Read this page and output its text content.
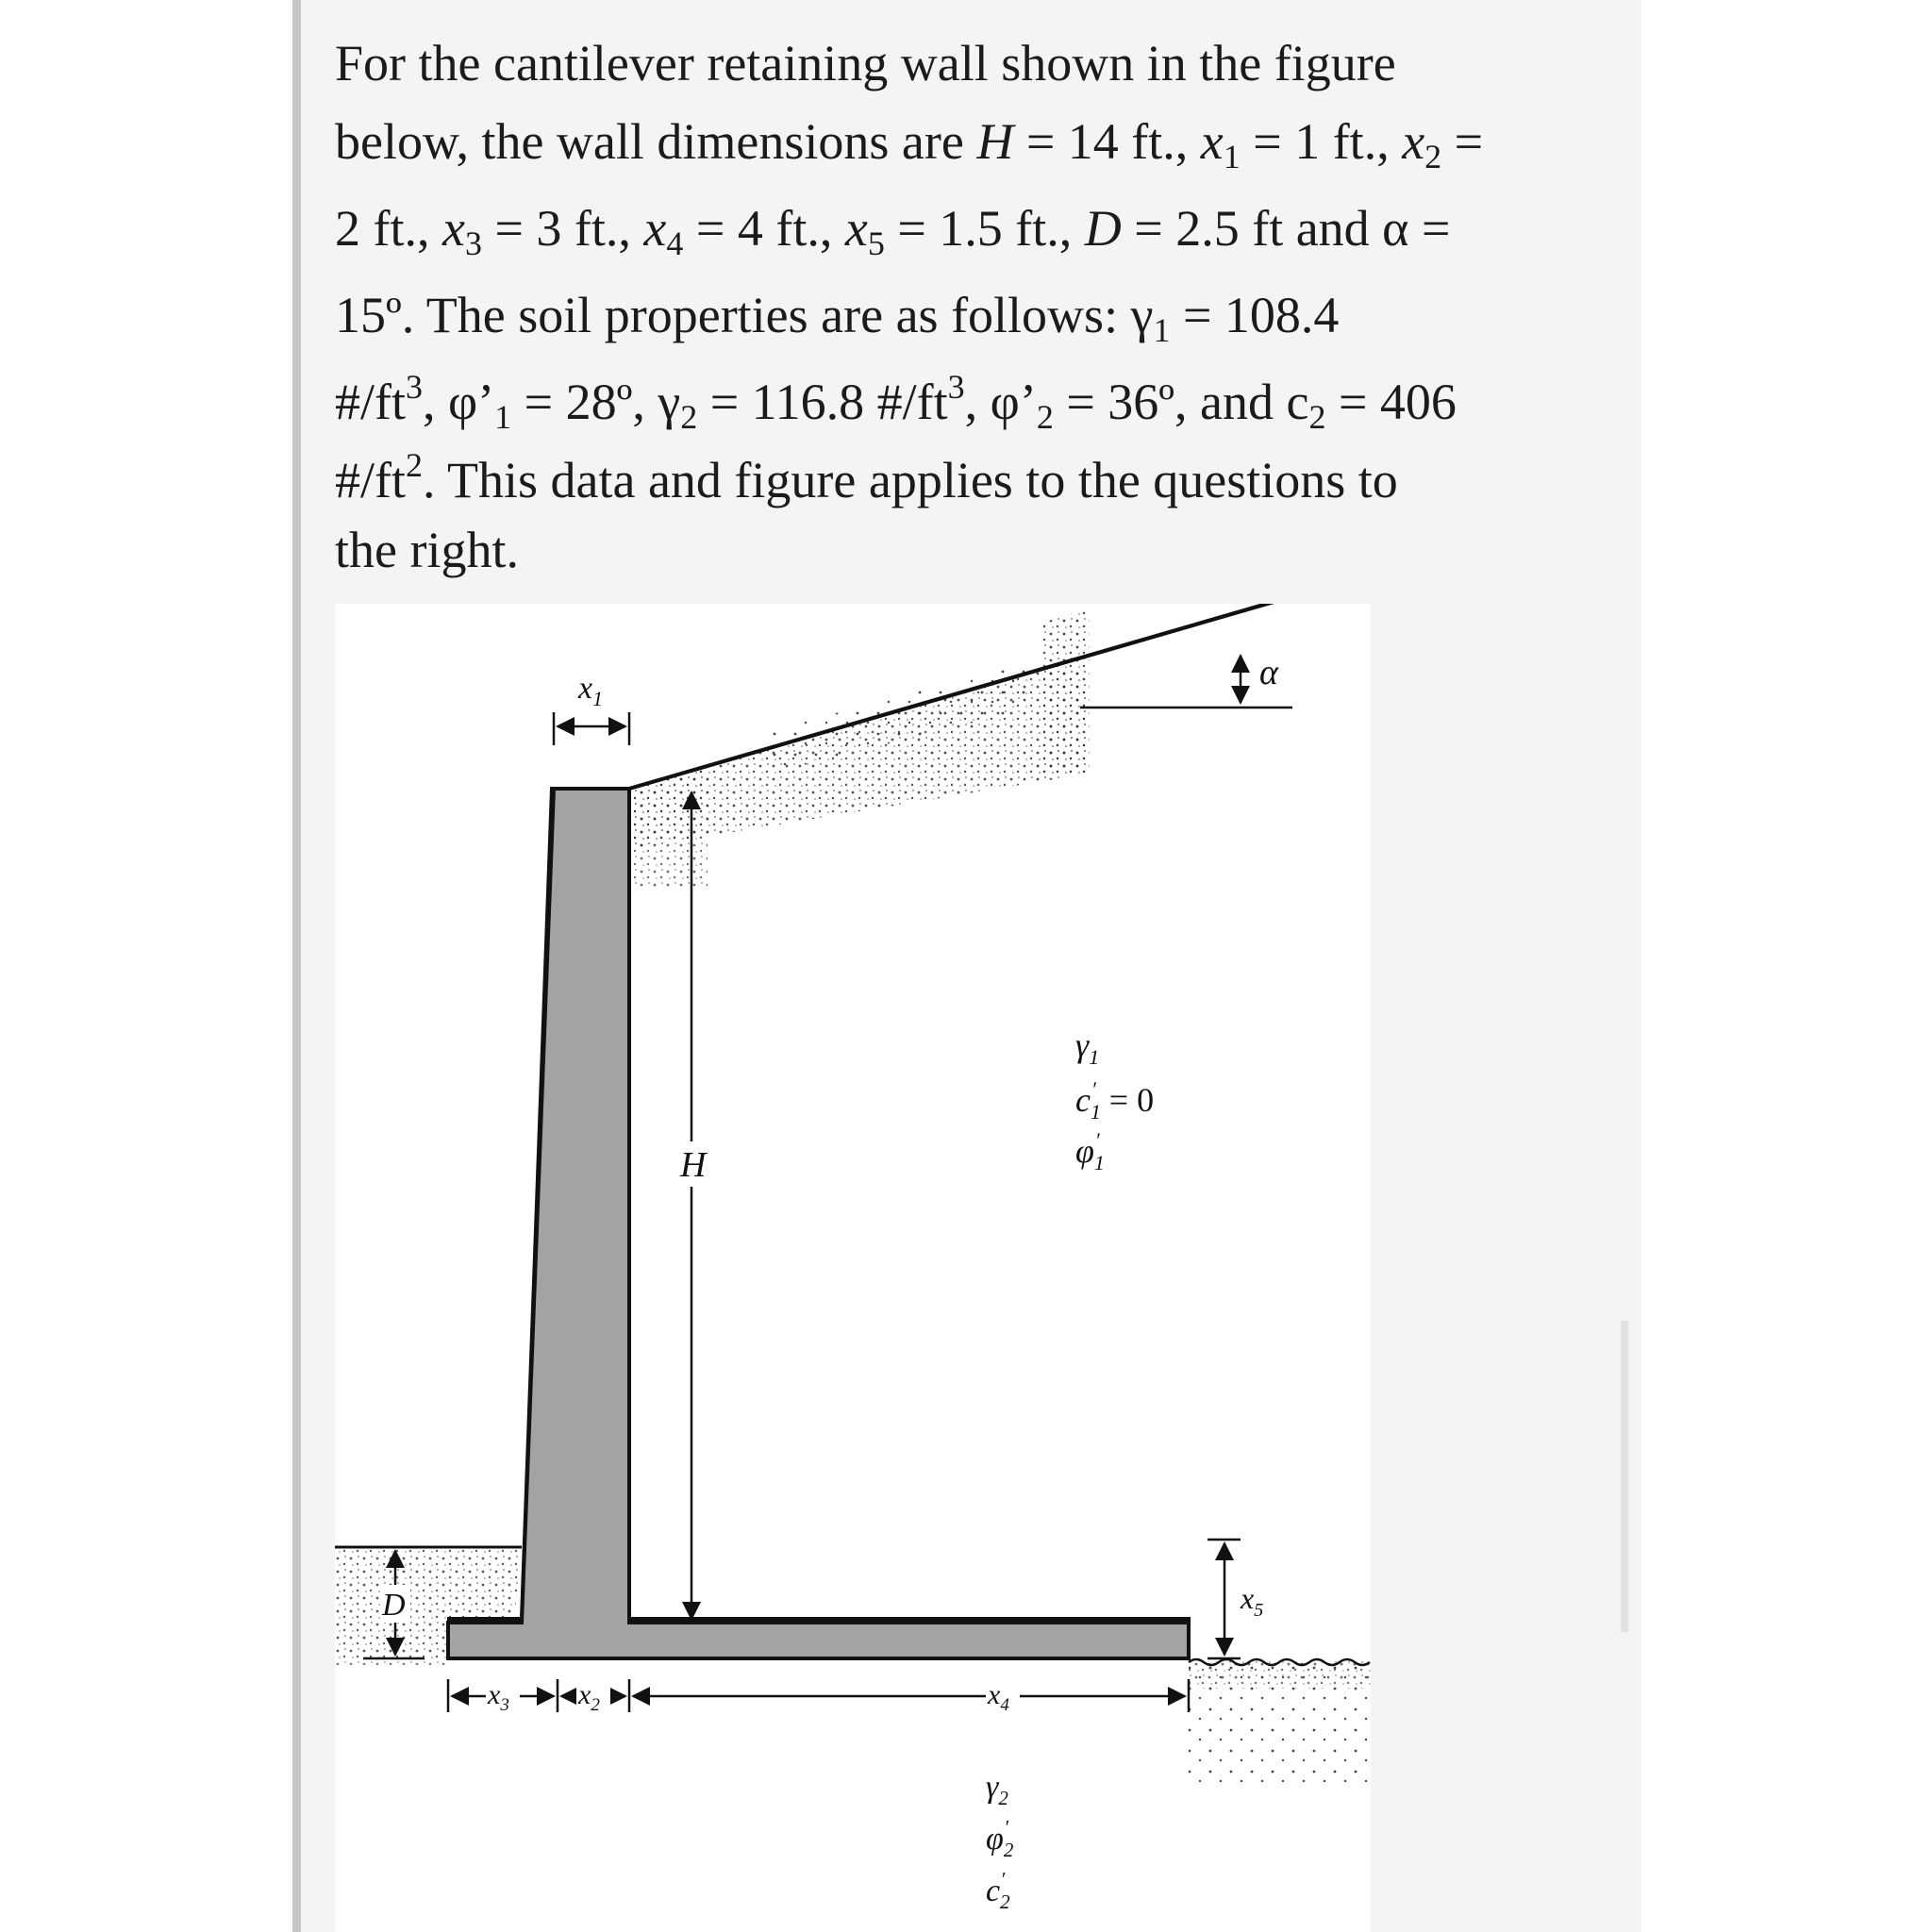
For the cantilever retaining wall shown in the figure
below, the wall dimensions are H = 14 ft., $x_1 = 1$ ft., $x_2$ =
2 ft., $x_3 = 3$ ft., $x_4 = 4$ ft., $x_5 = 1.5$ ft., D = 2.5 ft and α =
15º. The soil properties are as follows: $\gamma_1 = 108.4$
$\#/ft^3$, $\varphi’_1$ = 28º, $\gamma_2 = 116.8$ $\#/ft^3$, $\varphi’_2$ = 36º, and $c_2 = 406$
$\#/ft^2$. This data and figure applies to the questions to
the right.

α
$x_1$
H
$\gamma_1$
$c_1' = 0$
$\varphi_1'$
D	$x_5$
$x_3$ $x_2$	$x_4$
$\gamma_2$
$\varphi_2'$
$c_2'$
